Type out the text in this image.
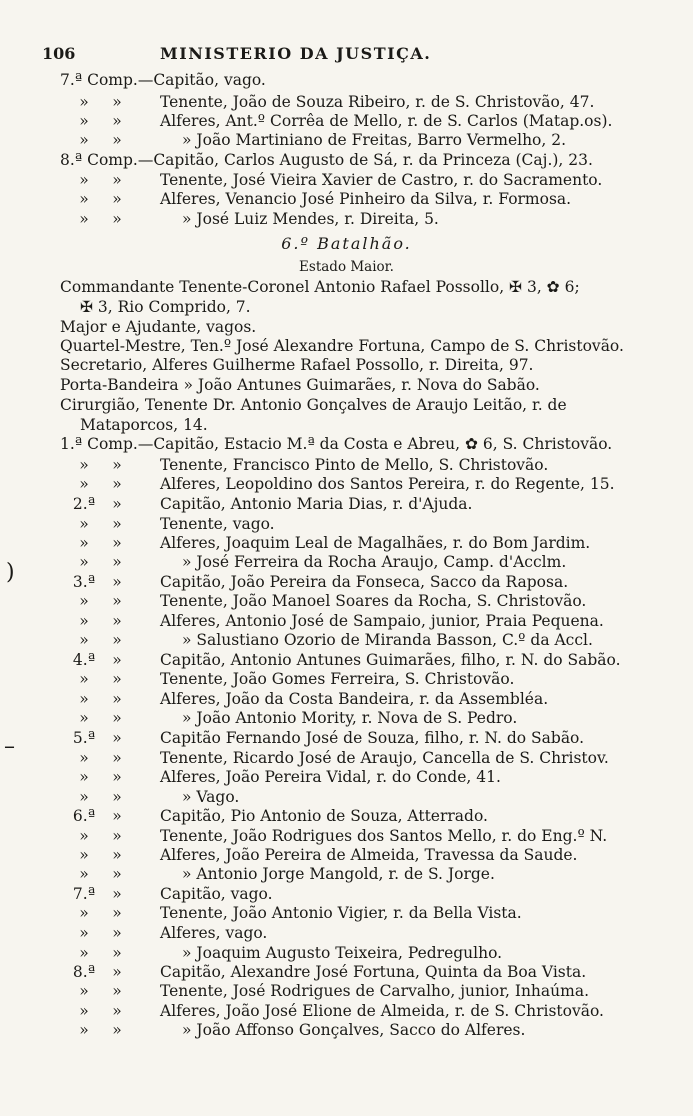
106	MINISTERIO DA JUSTIÇA.
6.º Batalhão.
Estado Maior.
7.ª Comp.—Capitão, vago.
»	»	Tenente, João de Souza Ribeiro, r. de S. Christovão, 47.
»	»	Alferes, Ant.º Corrêa de Mello, r. de S. Carlos (Matap.os).
»	»	» João Martiniano de Freitas, Barro Vermelho, 2.
8.ª Comp.—Capitão, Carlos Augusto de Sá, r. da Princeza (Caj.), 23.
»	»	Tenente, José Vieira Xavier de Castro, r. do Sacramento.
»	»	Alferes, Venancio José Pinheiro da Silva, r. Formosa.
»	»	» José Luiz Mendes, r. Direita, 5.
Commandante Tenente-Coronel Antonio Rafael Possollo, ✠ 3, ✿ 6;
✠ 3, Rio Comprido, 7.
Major e Ajudante, vagos.
Quartel-Mestre, Ten.º José Alexandre Fortuna, Campo de S. Christovão.
Secretario, Alferes Guilherme Rafael Possollo, r. Direita, 97.
Porta-Bandeira » João Antunes Guimarães, r. Nova do Sabão.
Cirurgião, Tenente Dr. Antonio Gonçalves de Araujo Leitão, r. de
Mataporcos, 14.
1.ª Comp.—Capitão, Estacio M.ª da Costa e Abreu, ✿ 6, S. Christovão.
»	»	Tenente, Francisco Pinto de Mello, S. Christovão.
»	»	Alferes, Leopoldino dos Santos Pereira, r. do Regente, 15.
2.ª	»	Capitão, Antonio Maria Dias, r. d'Ajuda.
»	»	Tenente, vago.
»	»	Alferes, Joaquim Leal de Magalhães, r. do Bom Jardim.
»	»	» José Ferreira da Rocha Araujo, Camp. d'Acclm.
3.ª	»	Capitão, João Pereira da Fonseca, Sacco da Raposa.
»	»	Tenente, João Manoel Soares da Rocha, S. Christovão.
»	»	Alferes, Antonio José de Sampaio, junior, Praia Pequena.
»	»	» Salustiano Ozorio de Miranda Basson, C.º da Accl.
4.ª	»	Capitão, Antonio Antunes Guimarães, filho, r. N. do Sabão.
»	»	Tenente, João Gomes Ferreira, S. Christovão.
»	»	Alferes, João da Costa Bandeira, r. da Assembléa.
»	»	» João Antonio Mority, r. Nova de S. Pedro.
5.ª	»	Capitão Fernando José de Souza, filho, r. N. do Sabão.
»	»	Tenente, Ricardo José de Araujo, Cancella de S. Christov.
»	»	Alferes, João Pereira Vidal, r. do Conde, 41.
»	»	» Vago.
6.ª	»	Capitão, Pio Antonio de Souza, Atterrado.
»	»	Tenente, João Rodrigues dos Santos Mello, r. do Eng.º N.
»	»	Alferes, João Pereira de Almeida, Travessa da Saude.
»	»	» Antonio Jorge Mangold, r. de S. Jorge.
7.ª	»	Capitão, vago.
»	»	Tenente, João Antonio Vigier, r. da Bella Vista.
»	»	Alferes, vago.
»	»	» Joaquim Augusto Teixeira, Pedregulho.
8.ª	»	Capitão, Alexandre José Fortuna, Quinta da Boa Vista.
»	»	Tenente, José Rodrigues de Carvalho, junior, Inhaúma.
»	»	Alferes, João José Elione de Almeida, r. de S. Christovão.
»	»	» João Affonso Gonçalves, Sacco do Alferes.
)
–
